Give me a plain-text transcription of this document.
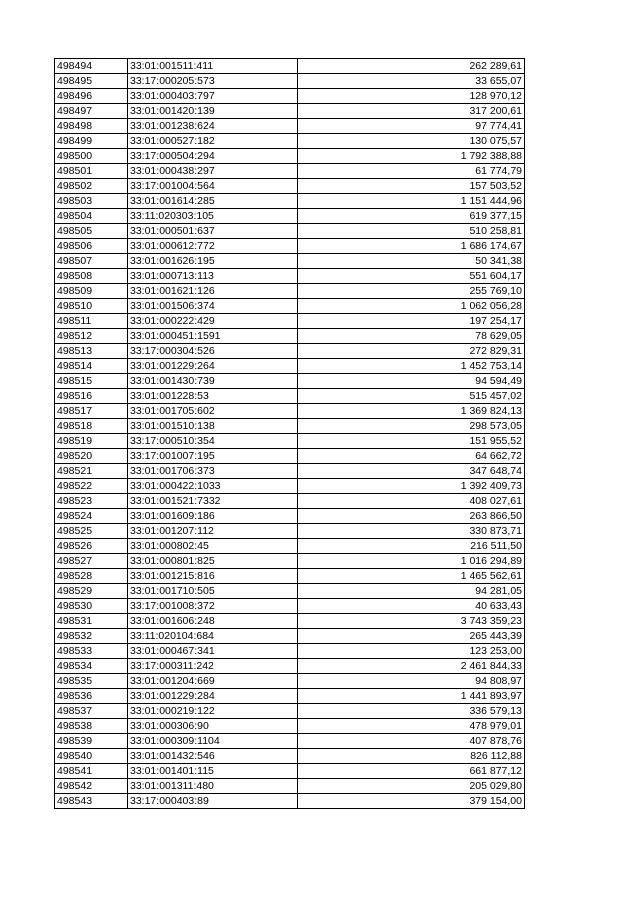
498494	33:01:001511:411	262 289,61
498495	33:17:000205:573	33 655,07
498496	33:01:000403:797	128 970,12
498497	33:01:001420:139	317 200,61
498498	33:01:001238:624	97 774,41
498499	33:01:000527:182	130 075,57
498500	33:17:000504:294	1 792 388,88
498501	33:01:000438:297	61 774,79
498502	33:17:001004:564	157 503,52
498503	33:01:001614:285	1 151 444,96
498504	33:11:020303:105	619 377,15
498505	33:01:000501:637	510 258,81
498506	33:01:000612:772	1 686 174,67
498507	33:01:001626:195	50 341,38
498508	33:01:000713:113	551 604,17
498509	33:01:001621:126	255 769,10
498510	33:01:001506:374	1 062 056,28
498511	33:01:000222:429	197 254,17
498512	33:01:000451:1591	78 629,05
498513	33:17:000304:526	272 829,31
498514	33:01:001229:264	1 452 753,14
498515	33:01:001430:739	94 594,49
498516	33:01:001228:53	515 457,02
498517	33:01:001705:602	1 369 824,13
498518	33:01:001510:138	298 573,05
498519	33:17:000510:354	151 955,52
498520	33:17:001007:195	64 662,72
498521	33:01:001706:373	347 648,74
498522	33:01:000422:1033	1 392 409,73
498523	33:01:001521:7332	408 027,61
498524	33:01:001609:186	263 866,50
498525	33:01:001207:112	330 873,71
498526	33:01:000802:45	216 511,50
498527	33:01:000801:825	1 016 294,89
498528	33:01:001215:816	1 465 562,61
498529	33:01:001710:505	94 281,05
498530	33:17:001008:372	40 633,43
498531	33:01:001606:248	3 743 359,23
498532	33:11:020104:684	265 443,39
498533	33:01:000467:341	123 253,00
498534	33:17:000311:242	2 461 844,33
498535	33:01:001204:669	94 808,97
498536	33:01:001229:284	1 441 893,97
498537	33:01:000219:122	336 579,13
498538	33:01:000306:90	478 979,01
498539	33:01:000309:1104	407 878,76
498540	33:01:001432:546	826 112,88
498541	33:01:001401:115	661 877,12
498542	33:01:001311:480	205 029,80
498543	33:17:000403:89	379 154,00
